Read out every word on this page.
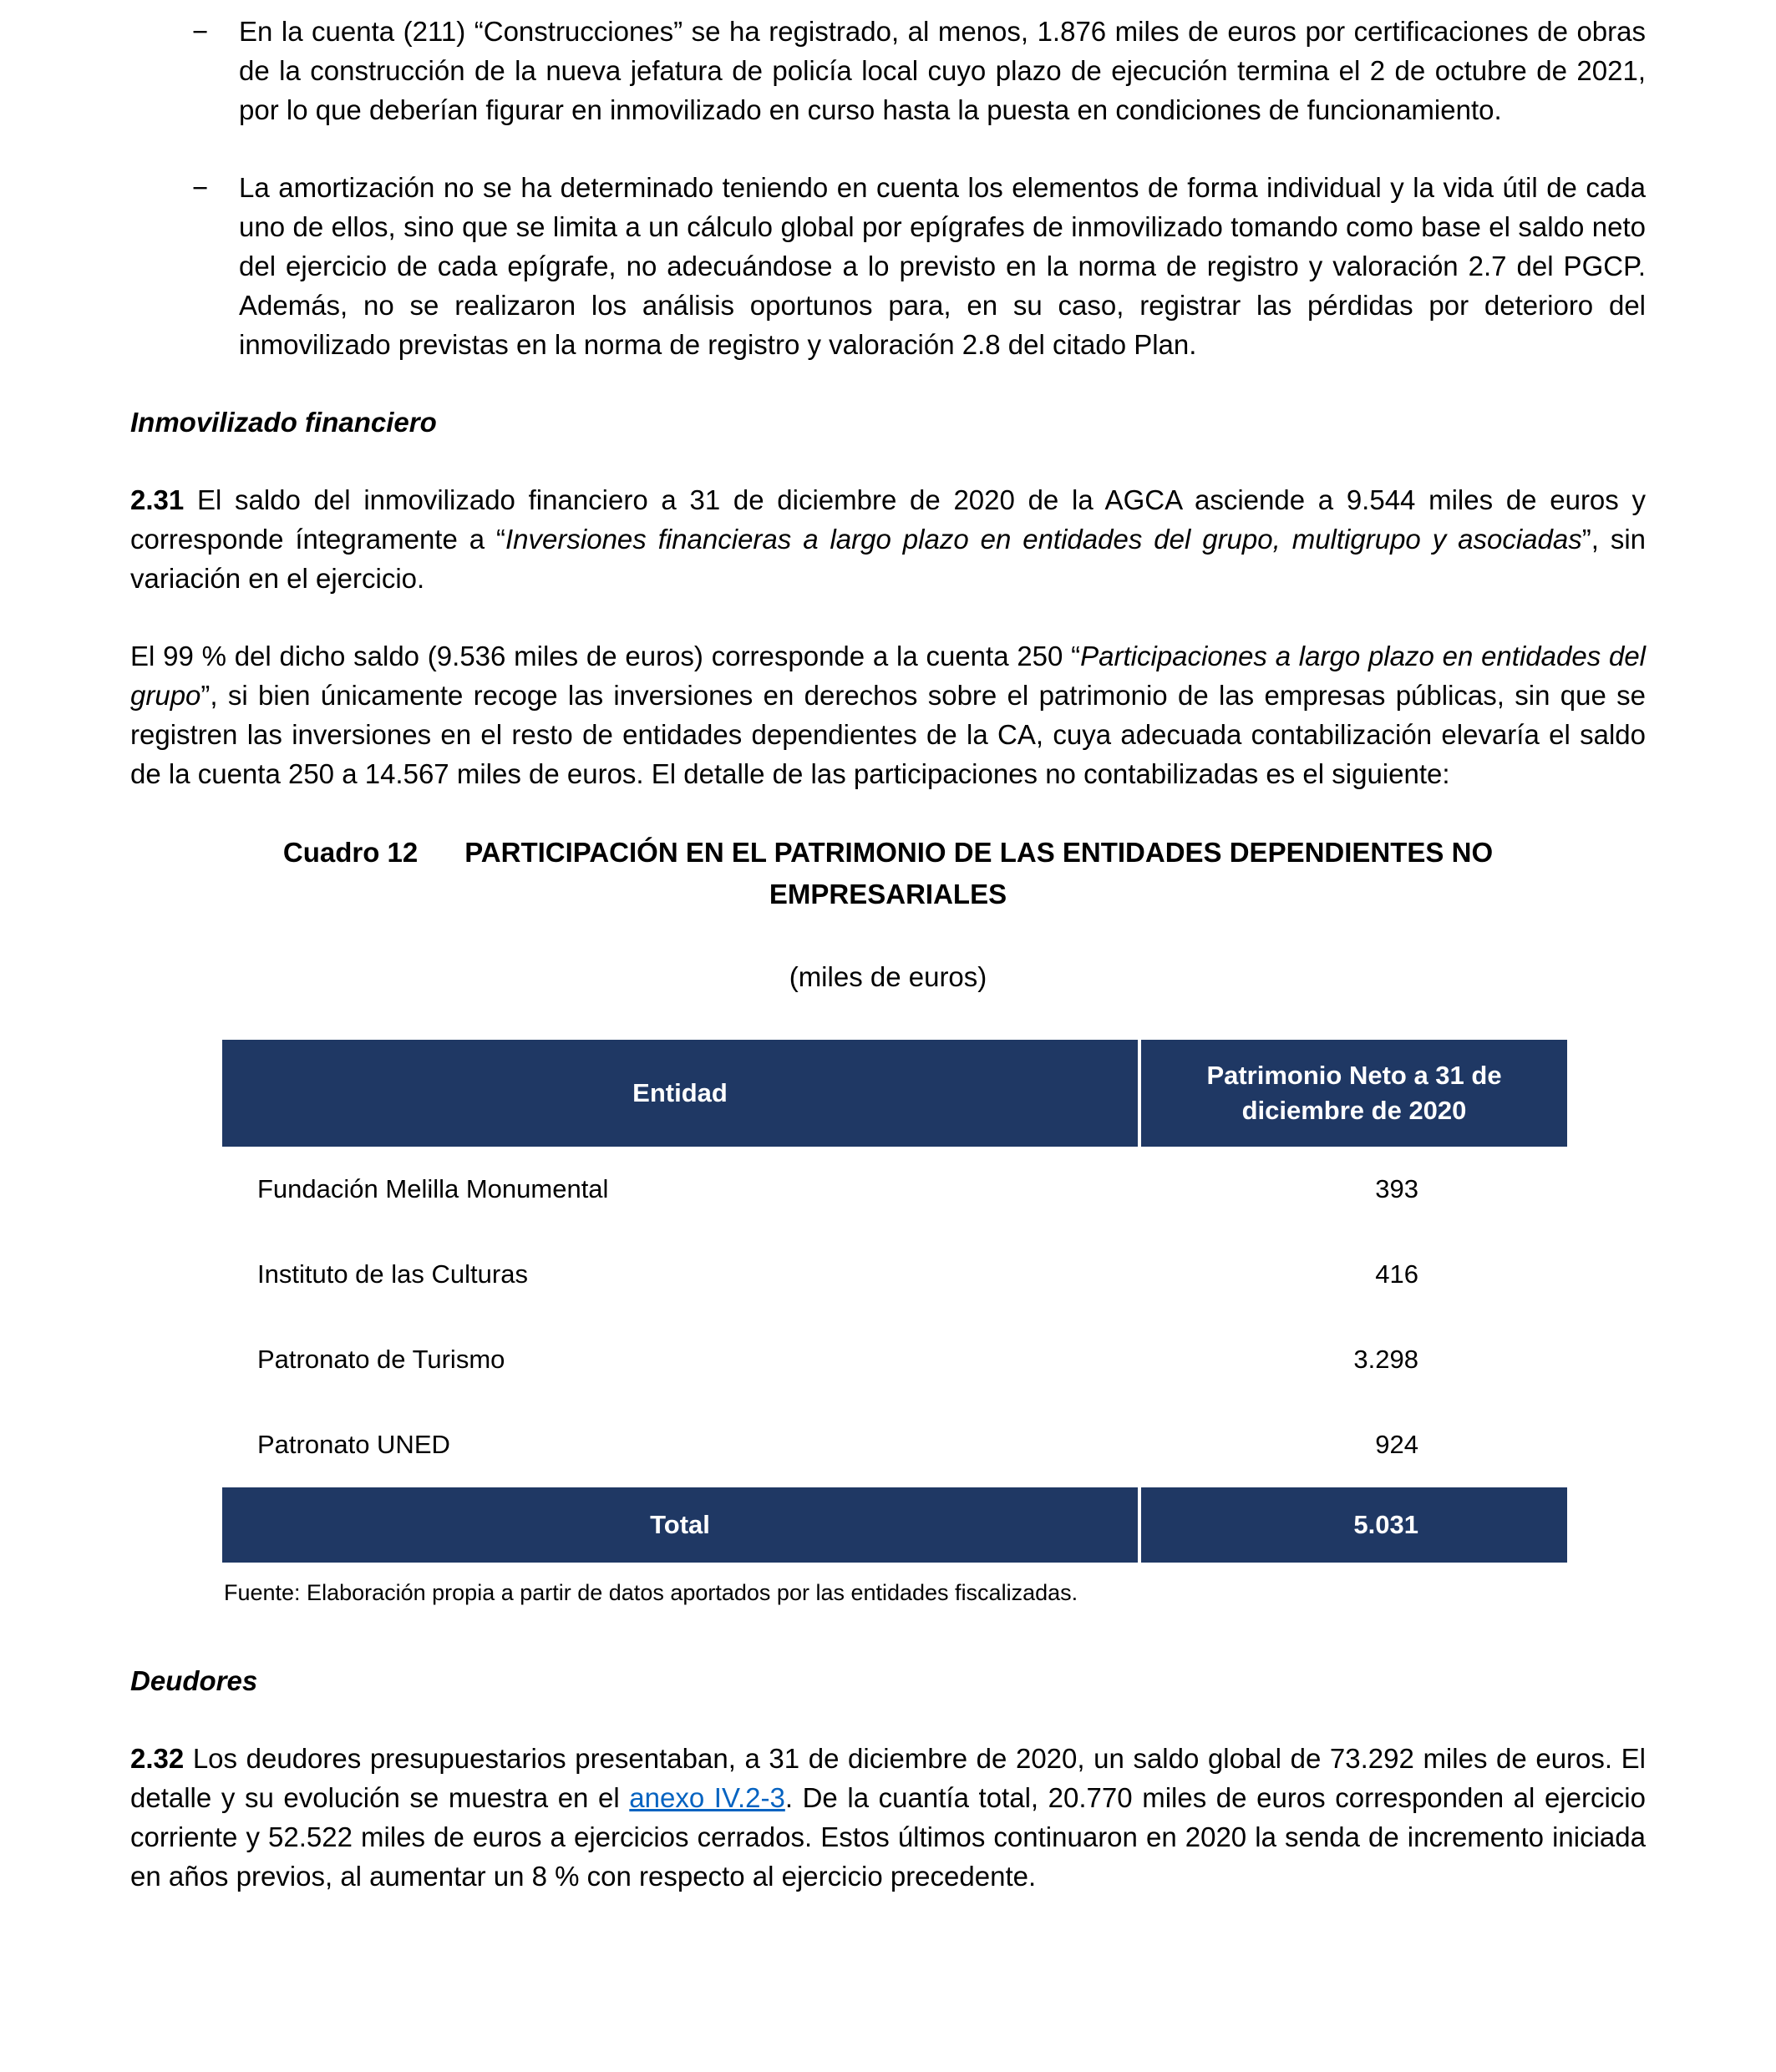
−	En la cuenta (211) “Construcciones” se ha registrado, al menos, 1.876 miles de euros por certificaciones de obras de la construcción de la nueva jefatura de policía local cuyo plazo de ejecución termina el 2 de octubre de 2021, por lo que deberían figurar en inmovilizado en curso hasta la puesta en condiciones de funcionamiento.
−	La amortización no se ha determinado teniendo en cuenta los elementos de forma individual y la vida útil de cada uno de ellos, sino que se limita a un cálculo global por epígrafes de inmovilizado tomando como base el saldo neto del ejercicio de cada epígrafe, no adecuándose a lo previsto en la norma de registro y valoración 2.7 del PGCP. Además, no se realizaron los análisis oportunos para, en su caso, registrar las pérdidas por deterioro del inmovilizado previstas en la norma de registro y valoración 2.8 del citado Plan.
Inmovilizado financiero

2.31 El saldo del inmovilizado financiero a 31 de diciembre de 2020 de la AGCA asciende a 9.544 miles de euros y corresponde íntegramente a “Inversiones financieras a largo plazo en entidades del grupo, multigrupo y asociadas”, sin variación en el ejercicio.

El 99 % del dicho saldo (9.536 miles de euros) corresponde a la cuenta 250 “Participaciones a largo plazo en entidades del grupo”, si bien únicamente recoge las inversiones en derechos sobre el patrimonio de las empresas públicas, sin que se registren las inversiones en el resto de entidades dependientes de la CA, cuya adecuada contabilización elevaría el saldo de la cuenta 250 a 14.567 miles de euros. El detalle de las participaciones no contabilizadas es el siguiente:

Cuadro 12 PARTICIPACIÓN EN EL PATRIMONIO DE LAS ENTIDADES DEPENDIENTES NO EMPRESARIALES

(miles de euros)

Entidad	Patrimonio Neto a 31 de diciembre de 2020
Fundación Melilla Monumental	393
Instituto de las Culturas	416
Patronato de Turismo	3.298
Patronato UNED	924
Total	5.031

Fuente: Elaboración propia a partir de datos aportados por las entidades fiscalizadas.

Deudores

2.32 Los deudores presupuestarios presentaban, a 31 de diciembre de 2020, un saldo global de 73.292 miles de euros. El detalle y su evolución se muestra en el anexo IV.2-3. De la cuantía total, 20.770 miles de euros corresponden al ejercicio corriente y 52.522 miles de euros a ejercicios cerrados. Estos últimos continuaron en 2020 la senda de incremento iniciada en años previos, al aumentar un 8 % con respecto al ejercicio precedente.
